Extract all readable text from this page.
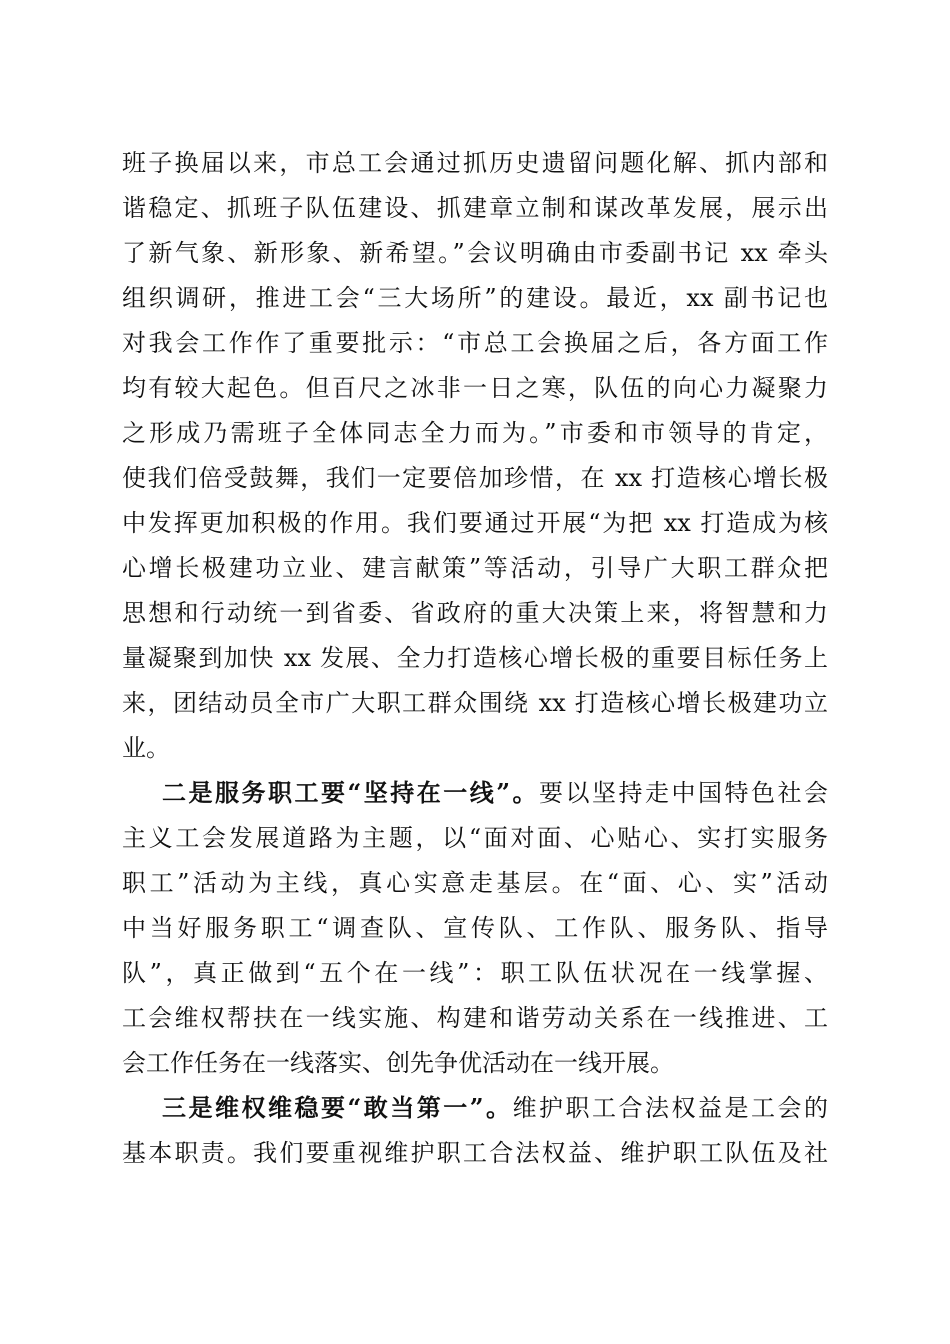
班子换届以来，市总工会通过抓历史遗留问题化解、抓内部和
谐稳定、抓班子队伍建设、抓建章立制和谋改革发展，展示出
了新气象、新形象、新希望。”会议明确由市委副书记 xx 牵头
组织调研，推进工会“三大场所”的建设。最近，xx 副书记也
对我会工作作了重要批示：“市总工会换届之后，各方面工作
均有较大起色。但百尺之冰非一日之寒，队伍的向心力凝聚力
之形成乃需班子全体同志全力而为。”市委和市领导的肯定，
使我们倍受鼓舞，我们一定要倍加珍惜，在 xx 打造核心增长极
中发挥更加积极的作用。我们要通过开展“为把 xx 打造成为核
心增长极建功立业、建言献策”等活动，引导广大职工群众把
思想和行动统一到省委、省政府的重大决策上来，将智慧和力
量凝聚到加快 xx 发展、全力打造核心增长极的重要目标任务上
来，团结动员全市广大职工群众围绕 xx 打造核心增长极建功立
业。
二是服务职工要“坚持在一线”。要以坚持走中国特色社会
主义工会发展道路为主题，以“面对面、心贴心、实打实服务
职工”活动为主线，真心实意走基层。在“面、心、实”活动
中当好服务职工“调查队、宣传队、工作队、服务队、指导
队”，真正做到“五个在一线”：职工队伍状况在一线掌握、
工会维权帮扶在一线实施、构建和谐劳动关系在一线推进、工
会工作任务在一线落实、创先争优活动在一线开展。
三是维权维稳要“敢当第一”。维护职工合法权益是工会的
基本职责。我们要重视维护职工合法权益、维护职工队伍及社
